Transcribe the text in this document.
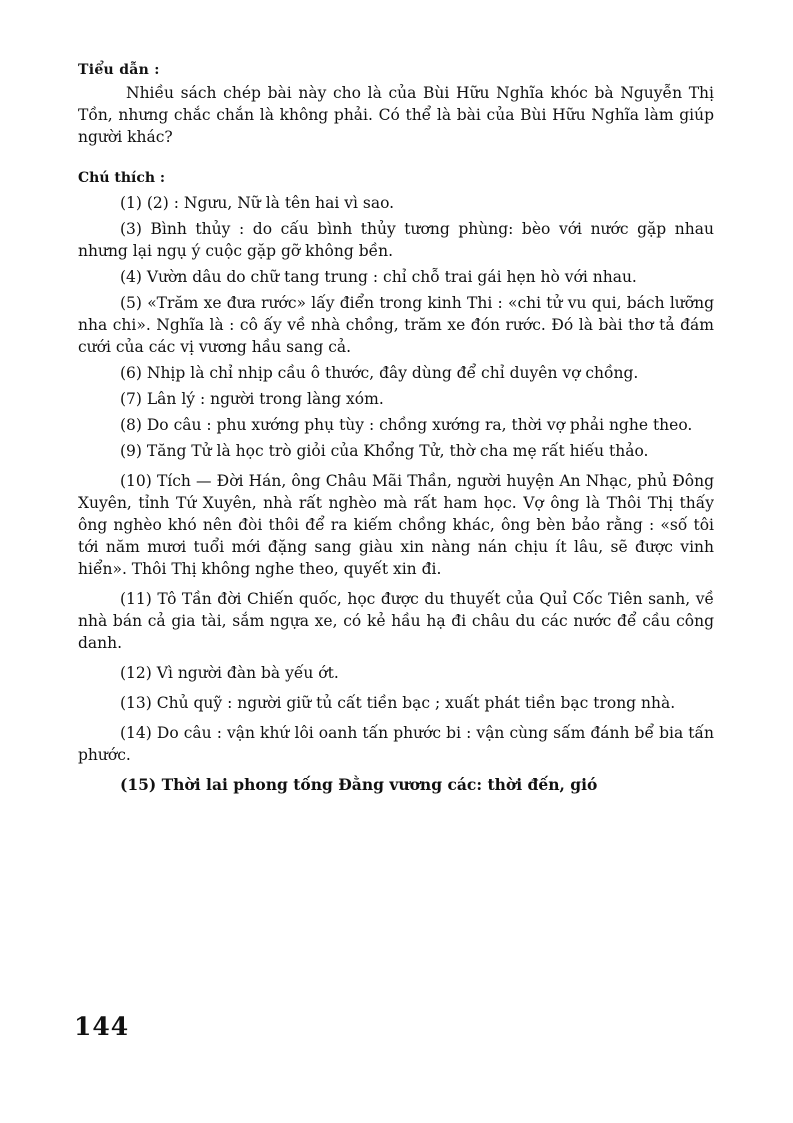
Tiểu dẫn :

Nhiều sách chép bài này cho là của Bùi Hữu Nghĩa khóc bà Nguyễn Thị Tồn, nhưng chắc chắn là không phải. Có thể là bài của Bùi Hữu Nghĩa làm giúp người khác?

Chú thích :

(1) (2) : Ngưu, Nữ là tên hai vì sao.

(3) Bình thủy : do cấu bình thủy tương phùng: bèo với nước gặp nhau nhưng lại ngụ ý cuộc gặp gỡ không bền.

(4) Vườn dâu do chữ tang trung : chỉ chỗ trai gái hẹn hò với nhau.

(5) «Trăm xe đưa rước» lấy điển trong kinh Thi : «chi tử vu qui, bách lưỡng nha chi». Nghĩa là : cô ấy về nhà chồng, trăm xe đón rước. Đó là bài thơ tả đám cưới của các vị vương hầu sang cả.

(6) Nhịp là chỉ nhịp cầu ô thước, đây dùng để chỉ duyên vợ chồng.

(7) Lân lý : người trong làng xóm.

(8) Do câu : phu xướng phụ tùy : chồng xướng ra, thời vợ phải nghe theo.

(9) Tăng Tử là học trò giỏi của Khổng Tử, thờ cha mẹ rất hiếu thảo.

(10) Tích — Đời Hán, ông Châu Mãi Thần, người huyện An Nhạc, phủ Đông Xuyên, tỉnh Tứ Xuyên, nhà rất nghèo mà rất ham học. Vợ ông là Thôi Thị thấy ông nghèo khó nên đòi thôi để ra kiếm chồng khác, ông bèn bảo rằng : «số tôi tới năm mươi tuổi mới đặng sang giàu xin nàng nán chịu ít lâu, sẽ được vinh hiển». Thôi Thị không nghe theo, quyết xin đi.

(11) Tô Tần đời Chiến quốc, học được du thuyết của Quỉ Cốc Tiên sanh, về nhà bán cả gia tài, sắm ngựa xe, có kẻ hầu hạ đi châu du các nước để cầu công danh.

(12) Vì người đàn bà yếu ớt.

(13) Chủ quỹ : người giữ tủ cất tiền bạc ; xuất phát tiền bạc trong nhà.

(14) Do câu : vận khứ lôi oanh tấn phước bi : vận cùng sấm đánh bể bia tấn phước.

(15) Thời lai phong tống Đằng vương các: thời đến, gió

144
